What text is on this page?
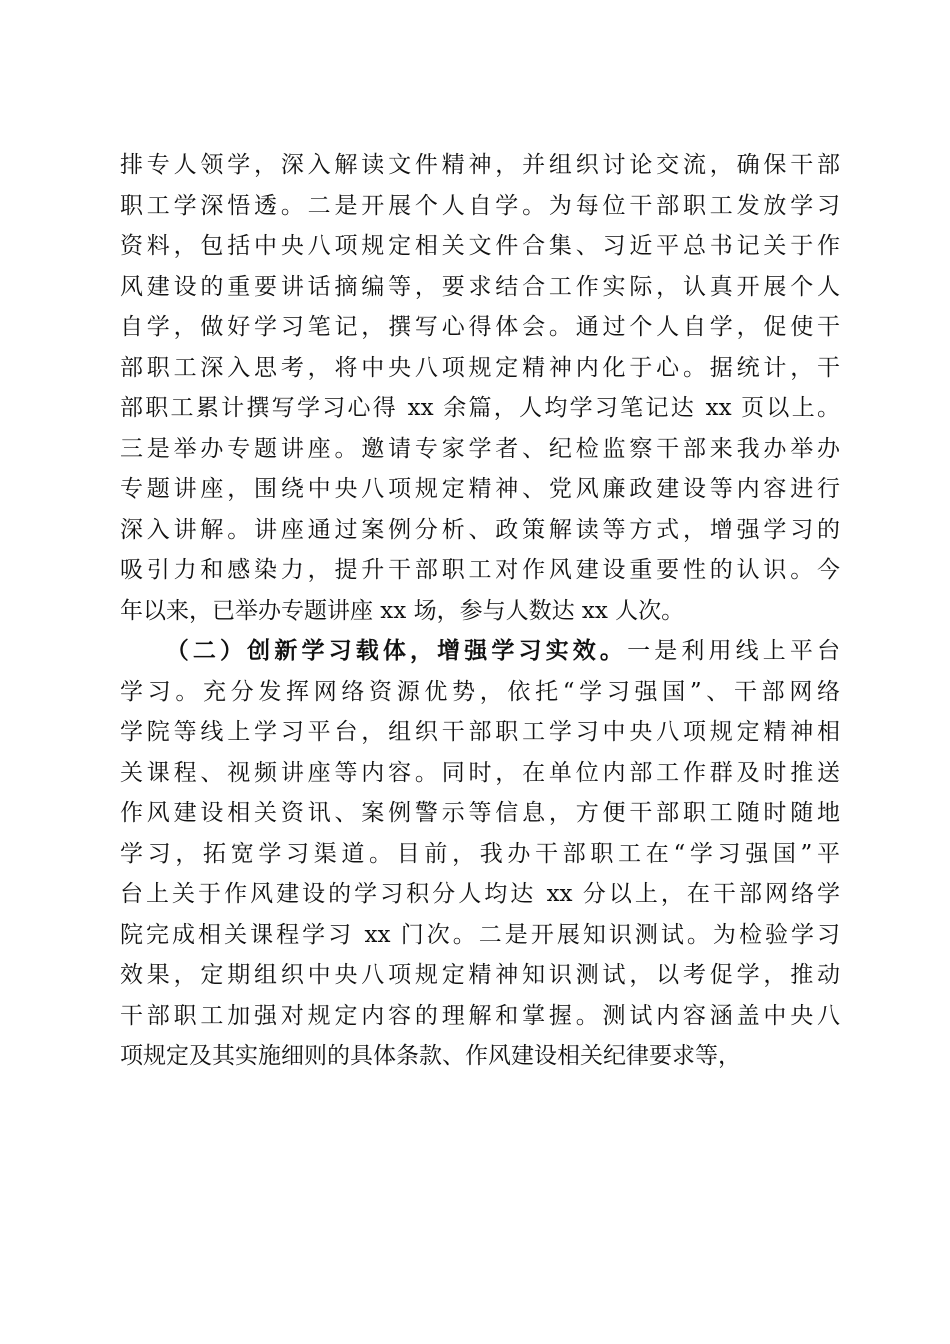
排专人领学，深入解读文件精神，并组织讨论交流，确保干部
职工学深悟透。二是开展个人自学。为每位干部职工发放学习
资料，包括中央八项规定相关文件合集、习近平总书记关于作
风建设的重要讲话摘编等，要求结合工作实际，认真开展个人
自学，做好学习笔记，撰写心得体会。通过个人自学，促使干
部职工深入思考，将中央八项规定精神内化于心。据统计，干
部职工累计撰写学习心得 xx 余篇，人均学习笔记达 xx 页以上。
三是举办专题讲座。邀请专家学者、纪检监察干部来我办举办
专题讲座，围绕中央八项规定精神、党风廉政建设等内容进行
深入讲解。讲座通过案例分析、政策解读等方式，增强学习的
吸引力和感染力，提升干部职工对作风建设重要性的认识。今
年以来，已举办专题讲座 xx 场，参与人数达 xx 人次。
（二）创新学习载体，增强学习实效。一是利用线上平台
学习。充分发挥网络资源优势，依托“学习强国”、干部网络
学院等线上学习平台，组织干部职工学习中央八项规定精神相
关课程、视频讲座等内容。同时，在单位内部工作群及时推送
作风建设相关资讯、案例警示等信息，方便干部职工随时随地
学习，拓宽学习渠道。目前，我办干部职工在“学习强国”平
台上关于作风建设的学习积分人均达 xx 分以上，在干部网络学
院完成相关课程学习 xx 门次。二是开展知识测试。为检验学习
效果，定期组织中央八项规定精神知识测试，以考促学，推动
干部职工加强对规定内容的理解和掌握。测试内容涵盖中央八
项规定及其实施细则的具体条款、作风建设相关纪律要求等，
